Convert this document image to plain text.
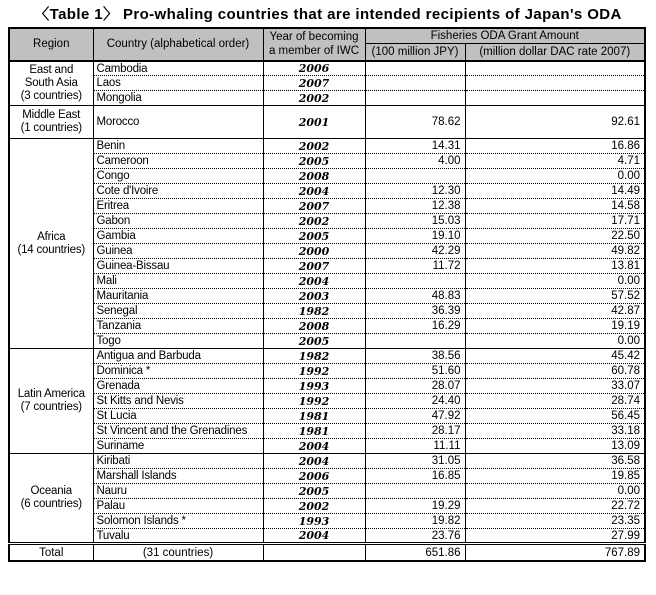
〈Table 1〉 Pro-whaling countries that are intended recipients of Japan's ODA
Region	Country (alphabetical order)	Year of becoming
a member of IWC	Fisheries ODA Grant Amount	
			(100 million JPY)	(million dollar DAC rate 2007)
East and
South Asia
(3 countries)	Cambodia	2006		
	Laos	2007		
	Mongolia	2002		
Middle East
(1 countries)	Morocco	2001	78.62	92.61
Africa
(14 countries)	Benin	2002	14.31	16.86
	Cameroon	2005	4.00	4.71
	Congo	2008		0.00
	Cote d'Ivoire	2004	12.30	14.49
	Eritrea	2007	12.38	14.58
	Gabon	2002	15.03	17.71
	Gambia	2005	19.10	22.50
	Guinea	2000	42.29	49.82
	Guinea-Bissau	2007	11.72	13.81
	Mali	2004		0.00
	Mauritania	2003	48.83	57.52
	Senegal	1982	36.39	42.87
	Tanzania	2008	16.29	19.19
	Togo	2005		0.00
Latin America
(7 countries)	Antigua and Barbuda	1982	38.56	45.42
	Dominica *	1992	51.60	60.78
	Grenada	1993	28.07	33.07
	St Kitts and Nevis	1992	24.40	28.74
	St Lucia	1981	47.92	56.45
	St Vincent and the Grenadines	1981	28.17	33.18
	Suriname	2004	11.11	13.09
Oceania
(6 countries)	Kiribati	2004	31.05	36.58
	Marshall Islands	2006	16.85	19.85
	Nauru	2005		0.00
	Palau	2002	19.29	22.72
	Solomon Islands *	1993	19.82	23.35
	Tuvalu	2004	23.76	27.99
Total	(31 countries)		651.86	767.89
